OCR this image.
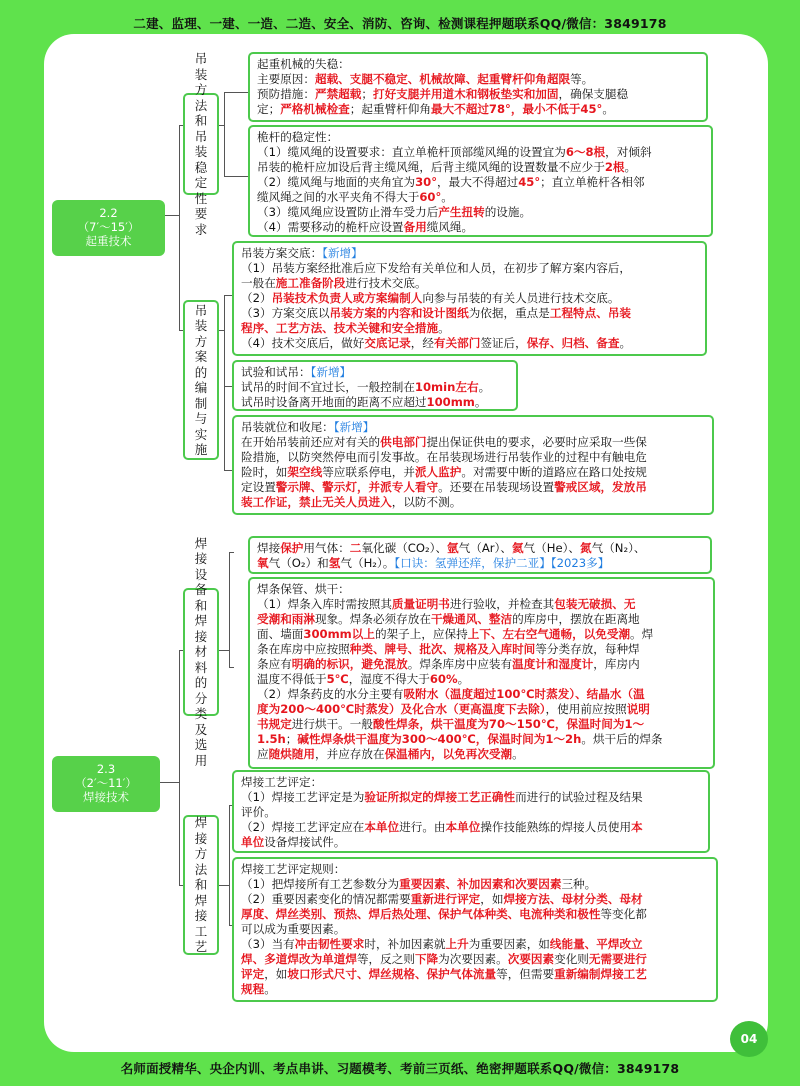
二建、监理、一建、一造、二造、安全、消防、咨询、检测课程押题联系QQ/微信：3849178
2.2
（7′～15′）
起重技术
2.3
（2′～11′）
焊接技术
吊装方法和吊装稳定性要求
吊装方案的编制与实施
焊接设备和焊接材料的分类及选用
焊接方法和焊接工艺
起重机械的失稳：
主要原因：超载、支腿不稳定、机械故障、起重臂杆仰角超限等。
预防措施：严禁超载；打好支腿并用道木和钢板垫实和加固，确保支腿稳
定；严格机械检查；起重臂杆仰角最大不超过78°，最小不低于45°。
桅杆的稳定性：
（1）缆风绳的设置要求：直立单桅杆顶部缆风绳的设置宜为6～8根，对倾斜
吊装的桅杆应加设后背主缆风绳，后背主缆风绳的设置数量不应少于2根。
（2）缆风绳与地面的夹角宜为30°，最大不得超过45°；直立单桅杆各相邻
缆风绳之间的水平夹角不得大于60°。
（3）缆风绳应设置防止滑车受力后产生扭转的设施。
（4）需要移动的桅杆应设置备用缆风绳。
吊装方案交底：【新增】
（1）吊装方案经批准后应下发给有关单位和人员，在初步了解方案内容后，
一般在施工准备阶段进行技术交底。
（2）吊装技术负责人或方案编制人向参与吊装的有关人员进行技术交底。
（3）方案交底以吊装方案的内容和设计图纸为依据，重点是工程特点、吊装
程序、工艺方法、技术关键和安全措施。
（4）技术交底后，做好交底记录，经有关部门签证后，保存、归档、备查。
试验和试吊：【新增】
试吊的时间不宜过长，一般控制在10min左右。
试吊时设备离开地面的距离不应超过100mm。
吊装就位和收尾：【新增】
在开始吊装前还应对有关的供电部门提出保证供电的要求，必要时应采取一些保
险措施，以防突然停电而引发事故。在吊装现场进行吊装作业的过程中有触电危
险时，如架空线等应联系停电，并派人监护。对需要中断的道路应在路口处按规
定设置警示牌、警示灯，并派专人看守。还要在吊装现场设置警戒区域，发放吊
装工作证，禁止无关人员进入，以防不测。
焊接保护用气体：二氧化碳（CO₂）、氩气（Ar）、氦气（He）、氮气（N₂）、
氧气（O₂）和氢气（H₂）。【口诀：氢弹还痒，保护二亚】【2023多】
焊条保管、烘干：
（1）焊条入库时需按照其质量证明书进行验收，并检查其包装无破损、无
受潮和雨淋现象。焊条必须存放在干燥通风、整洁的库房中，摆放在距离地
面、墙面300mm以上的架子上，应保持上下、左右空气通畅，以免受潮。焊
条在库房中应按照种类、牌号、批次、规格及入库时间等分类存放，每种焊
条应有明确的标识，避免混放。焊条库房中应装有温度计和湿度计，库房内
温度不得低于5℃，湿度不得大于60%。
（2）焊条药皮的水分主要有吸附水（温度超过100℃时蒸发）、结晶水（温
度为200～400℃时蒸发）及化合水（更高温度下去除），使用前应按照说明
书规定进行烘干。一般酸性焊条，烘干温度为70～150℃，保温时间为1～
1.5h；碱性焊条烘干温度为300～400℃，保温时间为1～2h。烘干后的焊条
应随烘随用，并应存放在保温桶内，以免再次受潮。
焊接工艺评定：
（1）焊接工艺评定是为验证所拟定的焊接工艺正确性而进行的试验过程及结果
评价。
（2）焊接工艺评定应在本单位进行。由本单位操作技能熟练的焊接人员使用本
单位设备焊接试件。
焊接工艺评定规则：
（1）把焊接所有工艺参数分为重要因素、补加因素和次要因素三种。
（2）重要因素变化的情况都需要重新进行评定，如焊接方法、母材分类、母材
厚度、焊丝类别、预热、焊后热处理、保护气体种类、电流种类和极性等变化都
可以成为重要因素。
（3）当有冲击韧性要求时，补加因素就上升为重要因素，如线能量、平焊改立
焊、多道焊改为单道焊等，反之则下降为次要因素。次要因素变化则无需要进行
评定，如坡口形式尺寸、焊丝规格、保护气体流量等，但需要重新编制焊接工艺
规程。
04
名师面授精华、央企内训、考点串讲、习题模考、考前三页纸、绝密押题联系QQ/微信：3849178
